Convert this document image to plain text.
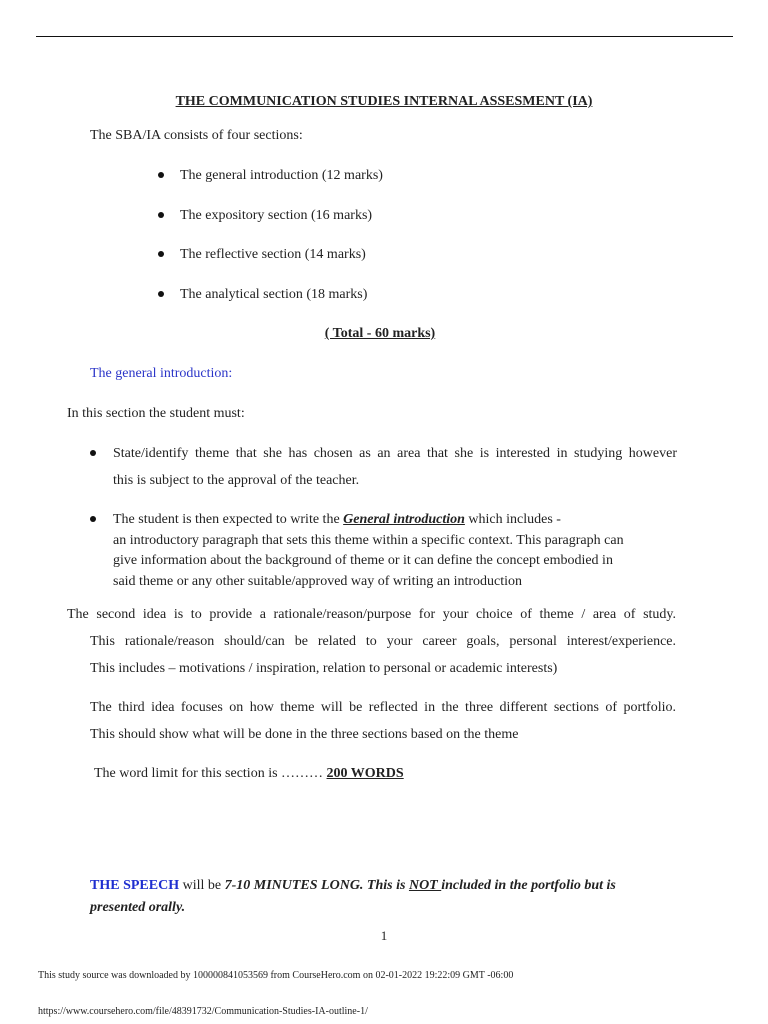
THE COMMUNICATION STUDIES INTERNAL ASSESMENT (IA)
The SBA/IA consists of four sections:
The general introduction (12 marks)
The expository section (16 marks)
The reflective section (14 marks)
The analytical section (18 marks)
( Total - 60 marks)
The general introduction:
In this section the student must:
State/identify theme that she has chosen as an area that she is interested in studying however
this is subject to the approval of the teacher.
The student is then expected to write the General introduction which includes -
an introductory paragraph that sets this theme within a specific context. This paragraph can
give information about the background of theme or it can define the concept embodied in
said theme or any other suitable/approved way of writing an introduction
The second idea is to provide a rationale/reason/purpose for your choice of theme / area of study.
This rationale/reason should/can be related to your career goals, personal interest/experience.
This includes – motivations / inspiration, relation to personal or academic interests)
The third idea focuses on how theme will be reflected in the three different sections of portfolio.
This should show what will be done in the three sections based on the theme
The word limit for this section is ……… 200 WORDS
THE SPEECH will be 7-10 MINUTES LONG. This is NOT included in the portfolio but is
presented orally.
1
This study source was downloaded by 100000841053569 from CourseHero.com on 02-01-2022 19:22:09 GMT -06:00
https://www.coursehero.com/file/48391732/Communication-Studies-IA-outline-1/
